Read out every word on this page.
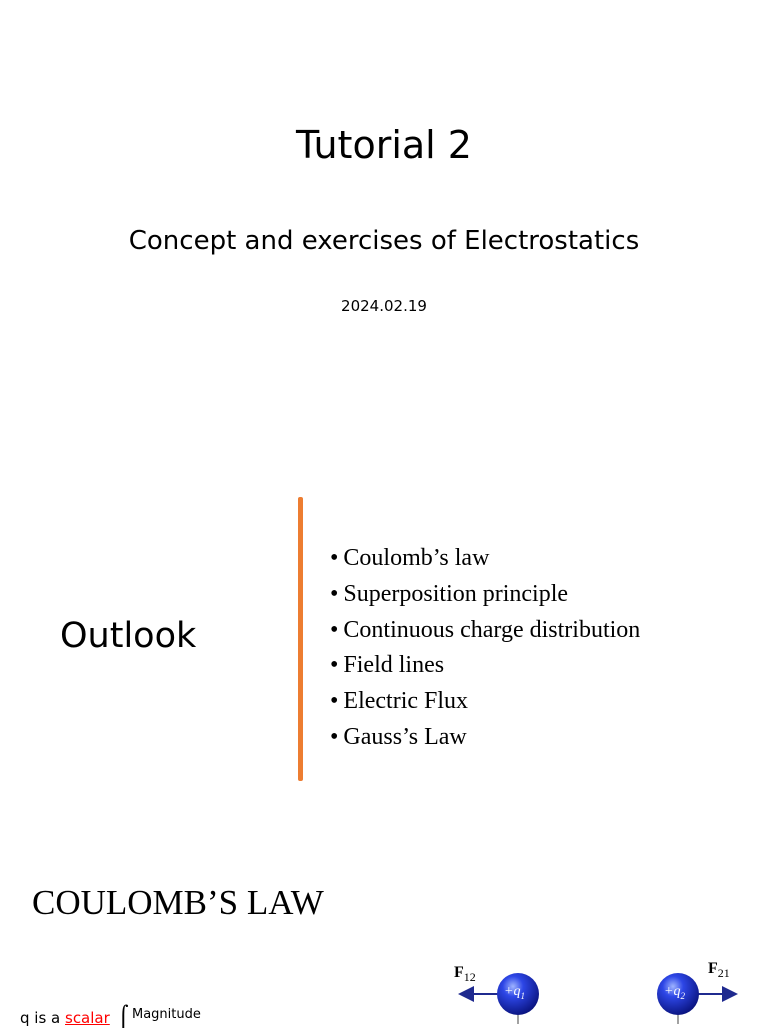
Tutorial 2
Concept and exercises of Electrostatics
2024.02.19
Outlook
• Coulomb’s law
• Superposition principle
• Continuous charge distribution
• Field lines
• Electric Flux
• Gauss’s Law
COULOMB’S LAW
q is a scalar ⌠ Magnitude
$F_{12}$
$F_{21}$
$+q_1$	$+q_2$
